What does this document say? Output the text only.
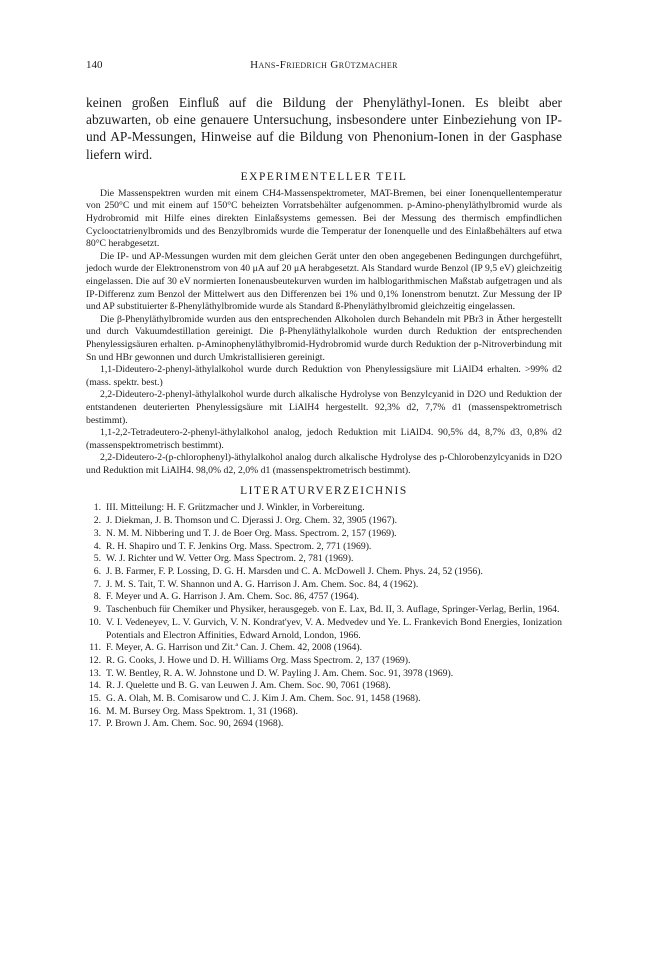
140	Hans-Friedrich Grützmacher

keinen großen Einfluß auf die Bildung der Phenyläthyl-Ionen. Es bleibt aber abzuwarten, ob eine genauere Untersuchung, insbesondere unter Einbeziehung von IP- und AP-Messungen, Hinweise auf die Bildung von Phenonium-Ionen in der Gasphase liefern wird.

EXPERIMENTELLER TEIL

Die Massenspektren wurden mit einem CH4-Massenspektrometer, MAT-Bremen, bei einer Ionenquellentemperatur von 250°C und mit einem auf 150°C beheizten Vorratsbehälter aufgenommen. p-Amino-phenyläthylbromid wurde als Hydrobromid mit Hilfe eines direkten Einlaßsystems gemessen. Bei der Messung des thermisch empfindlichen Cyclooctatrienylbromids und des Benzylbromids wurde die Temperatur der Ionenquelle und des Einlaßbehälters auf etwa 80°C herabgesetzt.

Die IP- und AP-Messungen wurden mit dem gleichen Gerät unter den oben angegebenen Bedingungen durchgeführt, jedoch wurde der Elektronenstrom von 40 μA auf 20 μA herabgesetzt. Als Standard wurde Benzol (IP 9,5 eV) gleichzeitig eingelassen. Die auf 30 eV normierten Ionenausbeutekurven wurden im halblogarithmischen Maßstab aufgetragen und als IP-Differenz zum Benzol der Mittelwert aus den Differenzen bei 1% und 0,1% Ionenstrom benutzt. Zur Messung der IP und AP substituierter ß-Phenyläthylbromide wurde als Standard ß-Phenyläthylbromid gleichzeitig eingelassen.

Die β-Phenyläthylbromide wurden aus den entsprechenden Alkoholen durch Behandeln mit PBr3 in Äther hergestellt und durch Vakuumdestillation gereinigt. Die β-Phenyläthylalkohole wurden durch Reduktion der entsprechenden Phenylessigsäuren erhalten. p-Aminophenyläthylbromid-Hydrobromid wurde durch Reduktion der p-Nitroverbindung mit Sn und HBr gewonnen und durch Umkristallisieren gereinigt.

1,1-Dideutero-2-phenyl-äthylalkohol wurde durch Reduktion von Phenylessigsäure mit LiAlD4 erhalten. >99% d2 (mass. spektr. best.)

2,2-Dideutero-2-phenyl-äthylalkohol wurde durch alkalische Hydrolyse von Benzylcyanid in D2O und Reduktion der entstandenen deuterierten Phenylessigsäure mit LiAlH4 hergestellt. 92,3% d2, 7,7% d1 (massenspektrometrisch bestimmt).

1,1-2,2-Tetradeutero-2-phenyl-äthylalkohol analog, jedoch Reduktion mit LiAlD4. 90,5% d4, 8,7% d3, 0,8% d2 (massenspektrometrisch bestimmt).

2,2-Dideutero-2-(p-chlorophenyl)-äthylalkohol analog durch alkalische Hydrolyse des p-Chlorobenzylcyanids in D2O und Reduktion mit LiAlH4. 98,0% d2, 2,0% d1 (massenspektrometrisch bestimmt).

LITERATURVERZEICHNIS
1. III. Mitteilung: H. F. Grützmacher und J. Winkler, in Vorbereitung.
2. J. Diekman, J. B. Thomson und C. Djerassi J. Org. Chem. 32, 3905 (1967).
3. N. M. M. Nibbering und T. J. de Boer Org. Mass. Spectrom. 2, 157 (1969).
4. R. H. Shapiro und T. F. Jenkins Org. Mass. Spectrom. 2, 771 (1969).
5. W. J. Richter und W. Vetter Org. Mass Spectrom. 2, 781 (1969).
6. J. B. Farmer, F. P. Lossing, D. G. H. Marsden und C. A. McDowell J. Chem. Phys. 24, 52 (1956).
7. J. M. S. Tait, T. W. Shannon und A. G. Harrison J. Am. Chem. Soc. 84, 4 (1962).
8. F. Meyer und A. G. Harrison J. Am. Chem. Soc. 86, 4757 (1964).
9. Taschenbuch für Chemiker und Physiker, herausgegeb. von E. Lax, Bd. II, 3. Auflage, Springer-Verlag, Berlin, 1964.
10. V. I. Vedeneyev, L. V. Gurvich, V. N. Kondrat'yev, V. A. Medvedev und Ye. L. Frankevich Bond Energies, Ionization Potentials and Electron Affinities, Edward Arnold, London, 1966.
11. F. Meyer, A. G. Harrison und Zit.ª Can. J. Chem. 42, 2008 (1964).
12. R. G. Cooks, J. Howe und D. H. Williams Org. Mass Spectrom. 2, 137 (1969).
13. T. W. Bentley, R. A. W. Johnstone und D. W. Payling J. Am. Chem. Soc. 91, 3978 (1969).
14. R. J. Quelette und B. G. van Leuwen J. Am. Chem. Soc. 90, 7061 (1968).
15. G. A. Olah, M. B. Comisarow und C. J. Kim J. Am. Chem. Soc. 91, 1458 (1968).
16. M. M. Bursey Org. Mass Spektrom. 1, 31 (1968).
17. P. Brown J. Am. Chem. Soc. 90, 2694 (1968).
